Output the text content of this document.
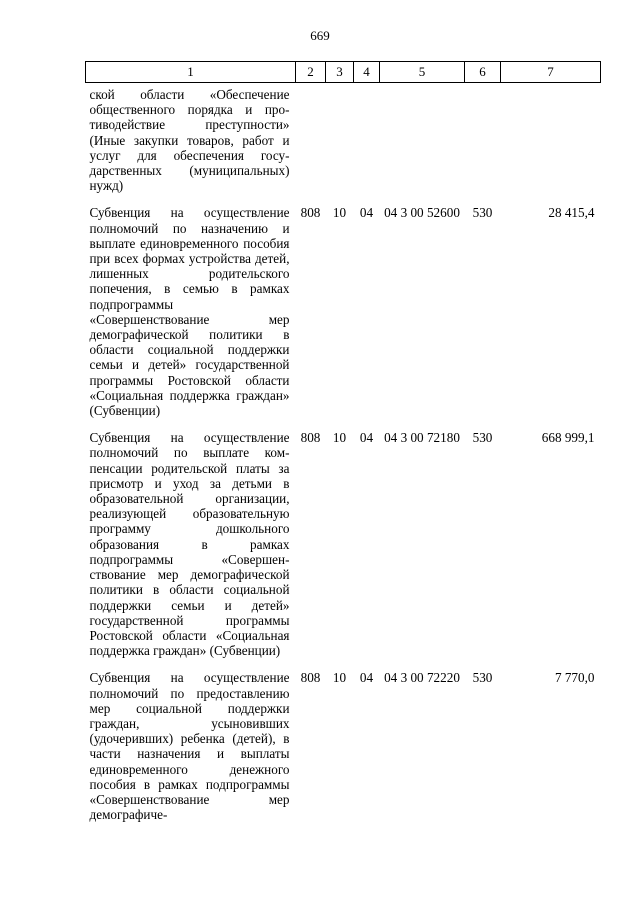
669
1	2	3	4	5	6	7
ской области «Обеспечение общественного порядка и противодействие преступности» (Иные закупки товаров, работ и услуг для обеспечения государственных (муниципальных) нужд)						
Субвенция на осуществление полномочий по назначению и выплате единовременного пособия при всех формах устройства детей, лишенных родительского попечения, в семью в рамках подпрограммы «Совершенствование мер демографической политики в области социальной поддержки семьи и детей» государственной программы Ростовской области «Социальная поддержка граждан» (Субвенции)	808	10	04	04 3 00 52600	530	28 415,4
Субвенция на осуществление полномочий по выплате компенсации родительской платы за присмотр и уход за детьми в образовательной организации, реализующей образовательную программу дошкольного образования в рамках подпрограммы «Совершенствование мер демографической политики в области социальной поддержки семьи и детей» государственной программы Ростовской области «Социальная поддержка граждан» (Субвенции)	808	10	04	04 3 00 72180	530	668 999,1
Субвенция на осуществление полномочий по предоставлению мер социальной поддержки граждан, усыновивших (удочеривших) ребенка (детей), в части назначения и выплаты единовременного денежного пособия в рамках подпрограммы «Совершенствование мер демографиче-	808	10	04	04 3 00 72220	530	7 770,0
